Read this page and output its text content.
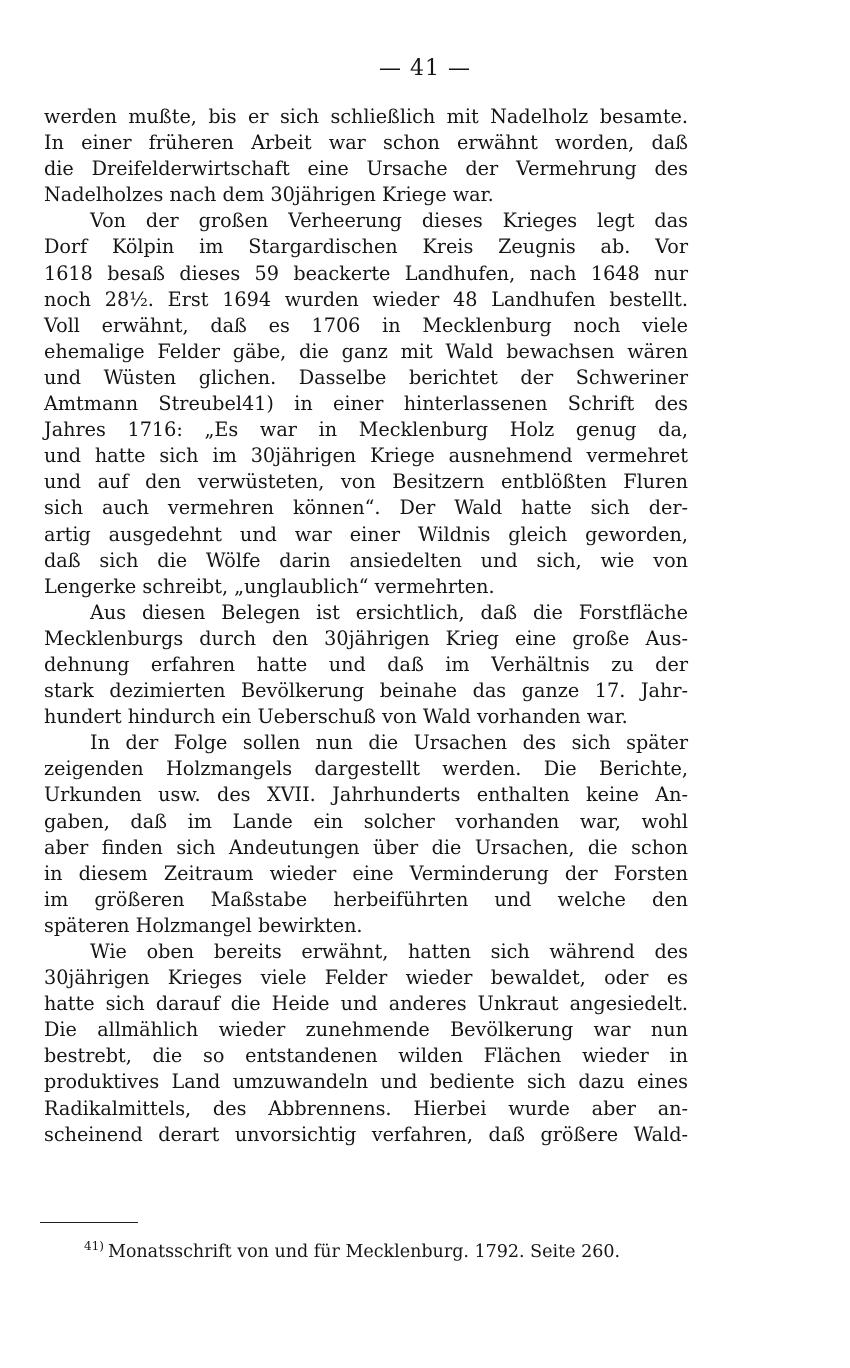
— 41 —

werden mußte, bis er sich schließlich mit Nadelholz besamte.

In einer früheren Arbeit war schon erwähnt worden, daß

die Dreifelderwirtschaft eine Ursache der Vermehrung des

Nadelholzes nach dem 30jährigen Kriege war.

Von der großen Verheerung dieses Krieges legt das

Dorf Kölpin im Stargardischen Kreis Zeugnis ab. Vor

1618 besaß dieses 59 beackerte Landhufen, nach 1648 nur

noch 28½. Erst 1694 wurden wieder 48 Landhufen bestellt.

Voll erwähnt, daß es 1706 in Mecklenburg noch viele

ehemalige Felder gäbe, die ganz mit Wald bewachsen wären

und Wüsten glichen. Dasselbe berichtet der Schweriner

Amtmann Streubel41) in einer hinterlassenen Schrift des

Jahres 1716: „Es war in Mecklenburg Holz genug da,

und hatte sich im 30jährigen Kriege ausnehmend vermehret

und auf den verwüsteten, von Besitzern entblößten Fluren

sich auch vermehren können“. Der Wald hatte sich der-

artig ausgedehnt und war einer Wildnis gleich geworden,

daß sich die Wölfe darin ansiedelten und sich, wie von

Lengerke schreibt, „unglaublich“ vermehrten.

Aus diesen Belegen ist ersichtlich, daß die Forstfläche

Mecklenburgs durch den 30jährigen Krieg eine große Aus-

dehnung erfahren hatte und daß im Verhältnis zu der

stark dezimierten Bevölkerung beinahe das ganze 17. Jahr-

hundert hindurch ein Ueberschuß von Wald vorhanden war.

In der Folge sollen nun die Ursachen des sich später

zeigenden Holzmangels dargestellt werden. Die Berichte,

Urkunden usw. des XVII. Jahrhunderts enthalten keine An-

gaben, daß im Lande ein solcher vorhanden war, wohl

aber finden sich Andeutungen über die Ursachen, die schon

in diesem Zeitraum wieder eine Verminderung der Forsten

im größeren Maßstabe herbeiführten und welche den

späteren Holzmangel bewirkten.

Wie oben bereits erwähnt, hatten sich während des

30jährigen Krieges viele Felder wieder bewaldet, oder es

hatte sich darauf die Heide und anderes Unkraut angesiedelt.

Die allmählich wieder zunehmende Bevölkerung war nun

bestrebt, die so entstandenen wilden Flächen wieder in

produktives Land umzuwandeln und bediente sich dazu eines

Radikalmittels, des Abbrennens. Hierbei wurde aber an-

scheinend derart unvorsichtig verfahren, daß größere Wald-

$^{41)}$ Monatsschrift von und für Mecklenburg. 1792. Seite 260.
